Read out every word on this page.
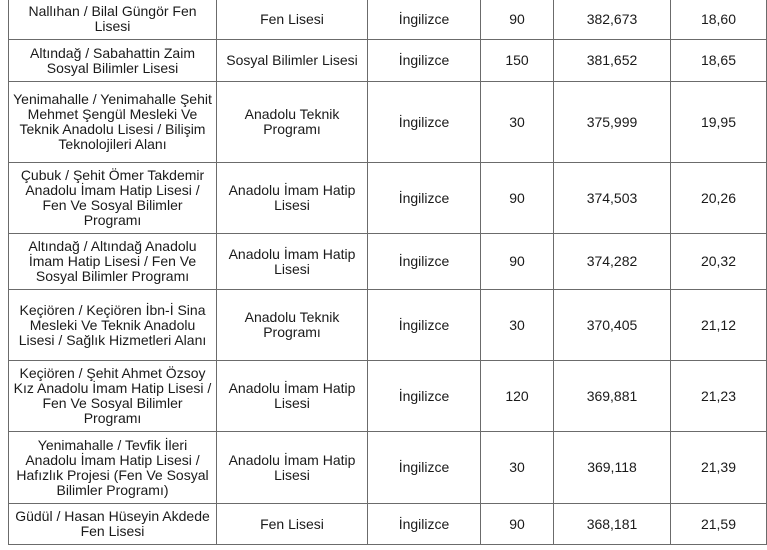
Nallıhan / Bilal Güngör Fen Lisesi	Fen Lisesi	İngilizce	90	382,673	18,60
Altındağ / Sabahattin Zaim Sosyal Bilimler Lisesi	Sosyal Bilimler Lisesi	İngilizce	150	381,652	18,65
Yenimahalle / Yenimahalle Şehit Mehmet Şengül Mesleki Ve Teknik Anadolu Lisesi / Bilişim Teknolojileri Alanı	Anadolu Teknik Programı	İngilizce	30	375,999	19,95
Çubuk / Şehit Ömer Takdemir Anadolu İmam Hatip Lisesi / Fen Ve Sosyal Bilimler Programı	Anadolu İmam Hatip Lisesi	İngilizce	90	374,503	20,26
Altındağ / Altındağ Anadolu İmam Hatip Lisesi / Fen Ve Sosyal Bilimler Programı	Anadolu İmam Hatip Lisesi	İngilizce	90	374,282	20,32
Keçiören / Keçiören İbn-İ Sina Mesleki Ve Teknik Anadolu Lisesi / Sağlık Hizmetleri Alanı	Anadolu Teknik Programı	İngilizce	30	370,405	21,12
Keçiören / Şehit Ahmet Özsoy Kız Anadolu İmam Hatip Lisesi / Fen Ve Sosyal Bilimler Programı	Anadolu İmam Hatip Lisesi	İngilizce	120	369,881	21,23
Yenimahalle / Tevfik İleri Anadolu İmam Hatip Lisesi / Hafızlık Projesi (Fen Ve Sosyal Bilimler Programı)	Anadolu İmam Hatip Lisesi	İngilizce	30	369,118	21,39
Güdül / Hasan Hüseyin Akdede Fen Lisesi	Fen Lisesi	İngilizce	90	368,181	21,59
